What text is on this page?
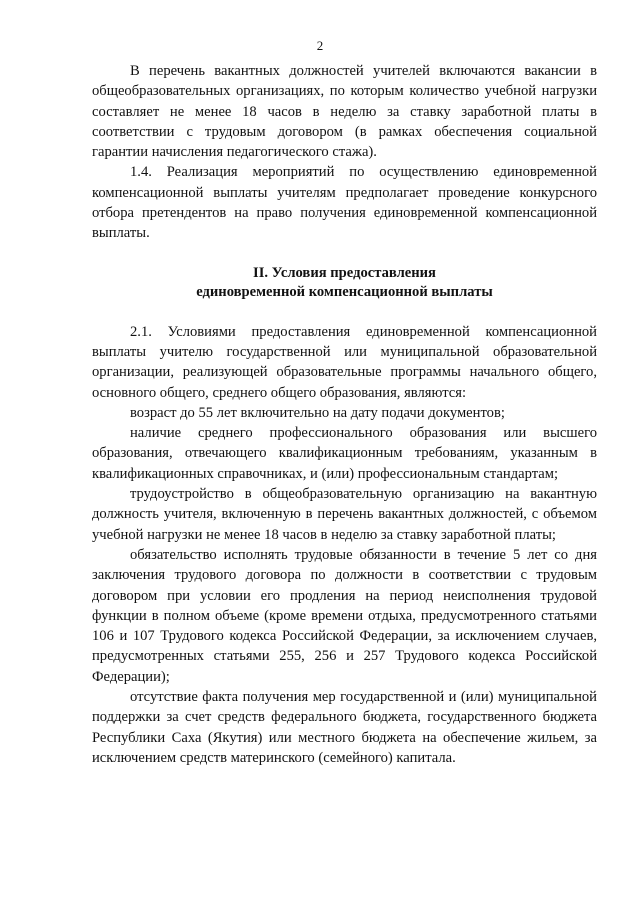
2

В перечень вакантных должностей учителей включаются вакансии в общеобразовательных организациях, по которым количество учебной нагрузки составляет не менее 18 часов в неделю за ставку заработной платы в соответствии с трудовым договором (в рамках обеспечения социальной гарантии начисления педагогического стажа).

1.4. Реализация мероприятий по осуществлению единовременной компенсационной выплаты учителям предполагает проведение конкурсного отбора претендентов на право получения единовременной компенсационной выплаты.

II. Условия предоставления
единовременной компенсационной выплаты

2.1. Условиями предоставления единовременной компенсационной выплаты учителю государственной или муниципальной образовательной организации, реализующей образовательные программы начального общего, основного общего, среднего общего образования, являются:

возраст до 55 лет включительно на дату подачи документов;

наличие среднего профессионального образования или высшего образования, отвечающего квалификационным требованиям, указанным в квалификационных справочниках, и (или) профессиональным стандартам;

трудоустройство в общеобразовательную организацию на вакантную должность учителя, включенную в перечень вакантных должностей, с объемом учебной нагрузки не менее 18 часов в неделю за ставку заработной платы;

обязательство исполнять трудовые обязанности в течение 5 лет со дня заключения трудового договора по должности в соответствии с трудовым договором при условии его продления на период неисполнения трудовой функции в полном объеме (кроме времени отдыха, предусмотренного статьями 106 и 107 Трудового кодекса Российской Федерации, за исключением случаев, предусмотренных статьями 255, 256 и 257 Трудового кодекса Российской Федерации);

отсутствие факта получения мер государственной и (или) муниципальной поддержки за счет средств федерального бюджета, государственного бюджета Республики Саха (Якутия) или местного бюджета на обеспечение жильем, за исключением средств материнского (семейного) капитала.
